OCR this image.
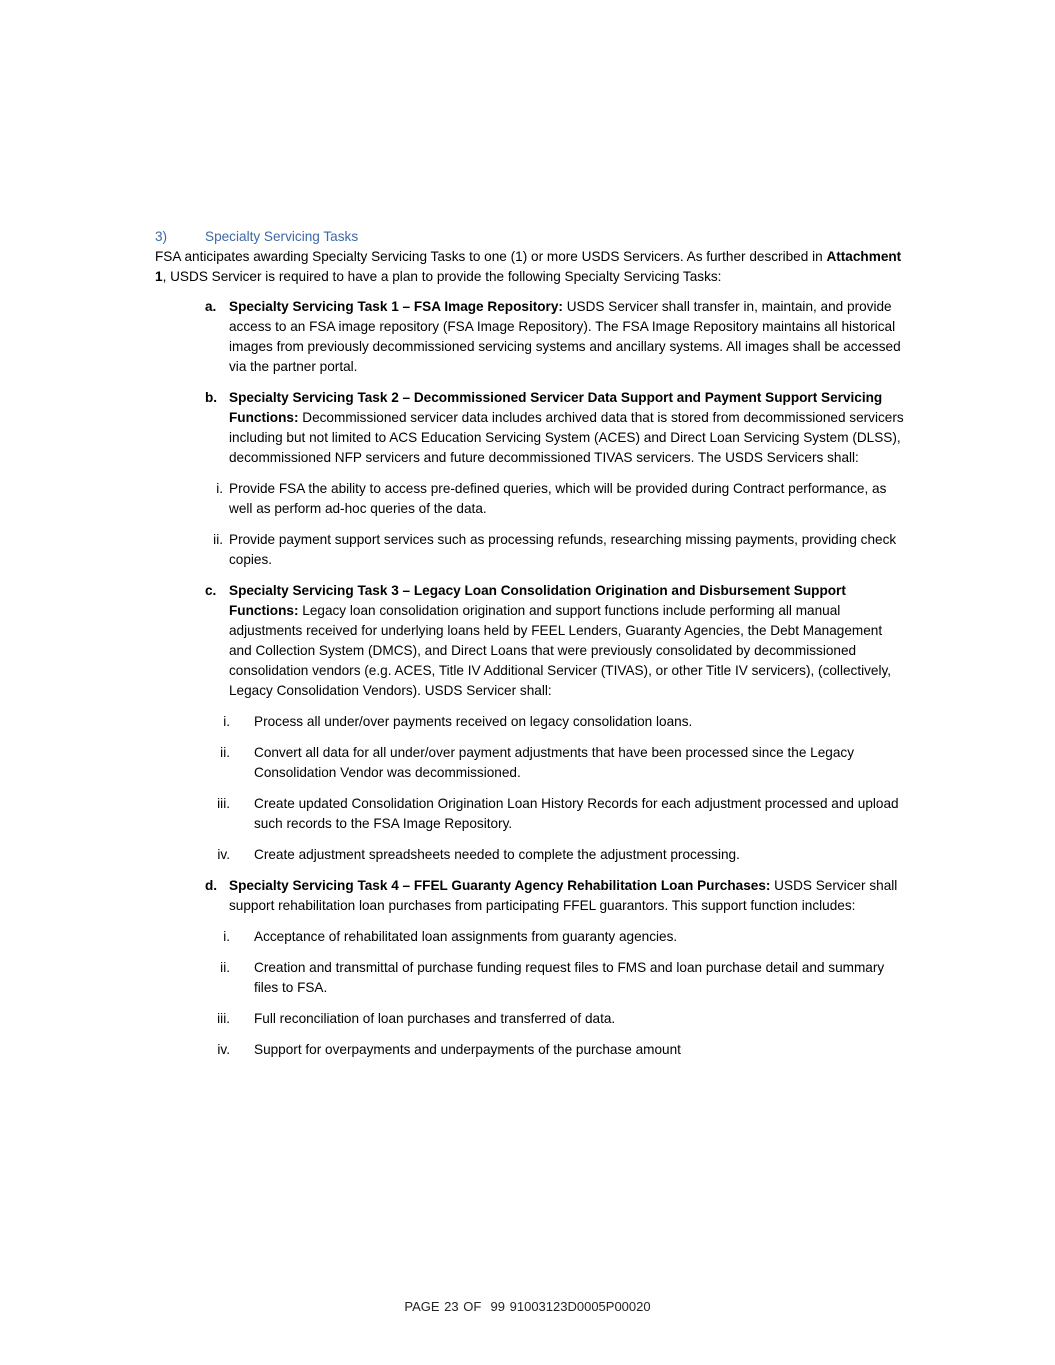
3)	Specialty Servicing Tasks

FSA anticipates awarding Specialty Servicing Tasks to one (1) or more USDS Servicers. As further described in Attachment 1, USDS Servicer is required to have a plan to provide the following Specialty Servicing Tasks:

a. Specialty Servicing Task 1 – FSA Image Repository: USDS Servicer shall transfer in, maintain, and provide access to an FSA image repository (FSA Image Repository). The FSA Image Repository maintains all historical images from previously decommissioned servicing systems and ancillary systems. All images shall be accessed via the partner portal.
b. Specialty Servicing Task 2 – Decommissioned Servicer Data Support and Payment Support Servicing Functions: Decommissioned servicer data includes archived data that is stored from decommissioned servicers including but not limited to ACS Education Servicing System (ACES) and Direct Loan Servicing System (DLSS), decommissioned NFP servicers and future decommissioned TIVAS servicers. The USDS Servicers shall:
i. Provide FSA the ability to access pre-defined queries, which will be provided during Contract performance, as well as perform ad-hoc queries of the data.
ii. Provide payment support services such as processing refunds, researching missing payments, providing check copies.
c. Specialty Servicing Task 3 – Legacy Loan Consolidation Origination and Disbursement Support Functions: Legacy loan consolidation origination and support functions include performing all manual adjustments received for underlying loans held by FEEL Lenders, Guaranty Agencies, the Debt Management and Collection System (DMCS), and Direct Loans that were previously consolidated by decommissioned consolidation vendors (e.g. ACES, Title IV Additional Servicer (TIVAS), or other Title IV servicers), (collectively, Legacy Consolidation Vendors). USDS Servicer shall:
i. Process all under/over payments received on legacy consolidation loans.
ii. Convert all data for all under/over payment adjustments that have been processed since the Legacy Consolidation Vendor was decommissioned.
iii. Create updated Consolidation Origination Loan History Records for each adjustment processed and upload such records to the FSA Image Repository.
iv. Create adjustment spreadsheets needed to complete the adjustment processing.
d. Specialty Servicing Task 4 – FFEL Guaranty Agency Rehabilitation Loan Purchases: USDS Servicer shall support rehabilitation loan purchases from participating FFEL guarantors. This support function includes:
i. Acceptance of rehabilitated loan assignments from guaranty agencies.
ii. Creation and transmittal of purchase funding request files to FMS and loan purchase detail and summary files to FSA.
iii. Full reconciliation of loan purchases and transferred of data.
iv. Support for overpayments and underpayments of the purchase amount
PAGE 23 OF  99 91003123D0005P00020
